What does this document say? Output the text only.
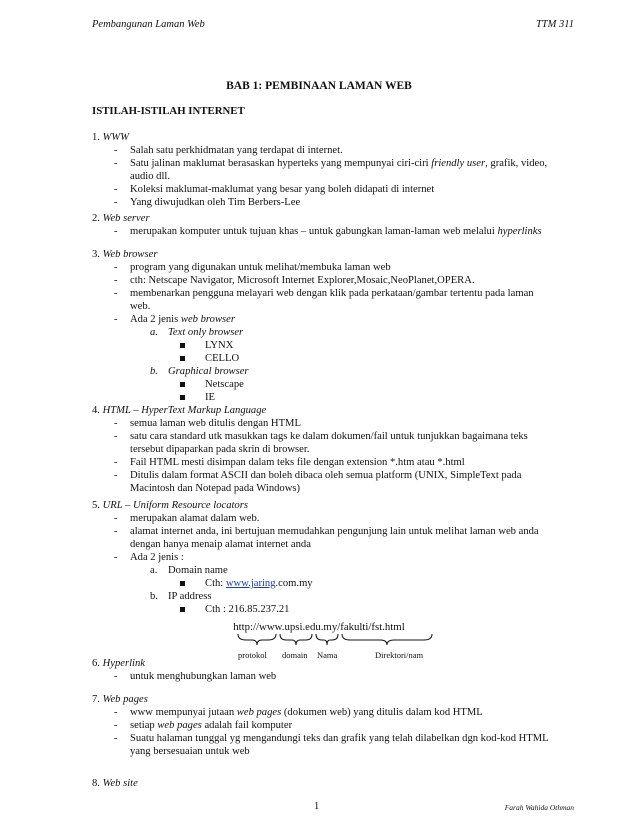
Pembangunan Laman Web	TTM 311
BAB 1: PEMBINAAN LAMAN WEB
ISTILAH-ISTILAH INTERNET
1. WWW
- Salah satu perkhidmatan yang terdapat di internet.
- Satu jalinan maklumat berasaskan hyperteks yang mempunyai ciri-ciri friendly user, grafik, video, audio dll.
- Koleksi maklumat-maklumat yang besar yang boleh didapati di internet
- Yang diwujudkan oleh Tim Berbers-Lee
2. Web server
- merupakan komputer untuk tujuan khas – untuk gabungkan laman-laman web melalui hyperlinks
3. Web browser
- program yang digunakan untuk melihat/membuka laman web
- cth: Netscape Navigator, Microsoft Internet Explorer,Mosaic,NeoPlanet,OPERA.
- membenarkan pengguna melayari web dengan klik pada perkataan/gambar tertentu pada laman web.
- Ada 2 jenis web browser
a. Text only browser
LYNX
CELLO
b. Graphical browser
Netscape
IE
4. HTML – HyperText Markup Language
- semua laman web ditulis dengan HTML
- satu cara standard utk masukkan tags ke dalam dokumen/fail untuk tunjukkan bagaimana teks tersebut dipaparkan pada skrin di browser.
- Fail HTML mesti disimpan dalam teks file dengan extension *.htm atau *.html
- Ditulis dalam format ASCII dan boleh dibaca oleh semua platform (UNIX, SimpleText pada Macintosh dan Notepad pada Windows)
5. URL – Uniform Resource locators
- merupakan alamat dalam web.
- alamat internet anda, ini bertujuan memudahkan pengunjung lain untuk melihat laman web anda dengan hanya menaip alamat internet anda
- Ada 2 jenis :
a. Domain name
Cth: www.jaring.com.my
b. IP address
Cth : 216.85.237.21
http://www.upsi.edu.my/fakulti/fst.html
protokol domain Nama	Direktori/nam
6. Hyperlink
- untuk menghubungkan laman web
7. Web pages
- www mempunyai jutaan web pages (dokumen web) yang ditulis dalam kod HTML
- setiap web pages adalah fail komputer
- Suatu halaman tunggal yg mengandungi teks dan grafik yang telah dilabelkan dgn kod-kod HTML yang bersesuaian untuk web
8. Web site
1	Farah Wahida Othman
